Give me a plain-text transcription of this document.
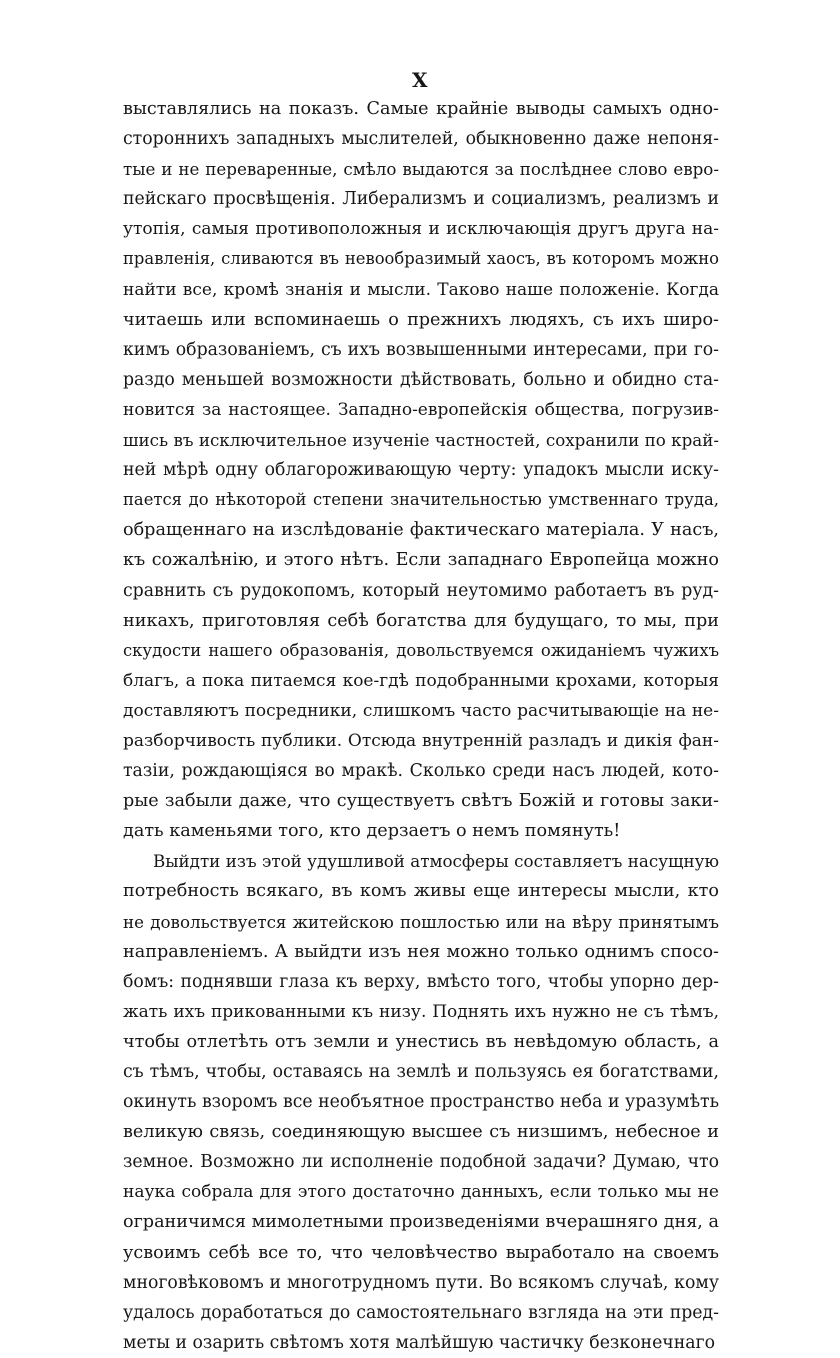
X
выставлялись на показъ. Самые крайніе выводы самыхъ одно-
стороннихъ западныхъ мыслителей, обыкновенно даже непоня-
тые и не переваренные, смѣло выдаются за послѣднее слово евро-
пейскаго просвѣщенія. Либерализмъ и социализмъ, реализмъ и
утопія, самыя противоположныя и исключающія другъ друга на-
правленія, сливаются въ невообразимый хаосъ, въ которомъ можно
найти все, кромѣ знанія и мысли. Таково наше положеніе. Когда
читаешь или вспоминаешь о прежнихъ людяхъ, съ ихъ широ-
кимъ образованіемъ, съ ихъ возвышенными интересами, при го-
раздо меньшей возможности дѣйствовать, больно и обидно ста-
новится за настоящее. Западно-европейскія общества, погрузив-
шись въ исключительное изученіе частностей, сохранили по край-
ней мѣрѣ одну облагороживающую черту: упадокъ мысли иску-
пается до нѣкоторой степени значительностью умственнаго труда,
обращеннаго на изслѣдованіе фактическаго матеріала. У насъ,
къ сожалѣнію, и этого нѣтъ. Если западнаго Европейца можно
сравнить съ рудокопомъ, который неутомимо работаетъ въ руд-
никахъ, приготовляя себѣ богатства для будущаго, то мы, при
скудости нашего образованія, довольствуемся ожиданіемъ чужихъ
благъ, а пока питаемся кое-гдѣ подобранными крохами, которыя
доставляютъ посредники, слишкомъ часто расчитывающіе на не-
разборчивость публики. Отсюда внутренній разладъ и дикія фан-
тазіи, рождающіяся во мракѣ. Сколько среди насъ людей, кото-
рые забыли даже, что существуетъ свѣтъ Божій и готовы заки-
дать каменьями того, кто дерзаетъ о немъ помянуть!
Выйдти изъ этой удушливой атмосферы составляетъ насущную
потребность всякаго, въ комъ живы еще интересы мысли, кто
не довольствуется житейскою пошлостью или на вѣру принятымъ
направленіемъ. А выйдти изъ нея можно только однимъ спосо-
бомъ: поднявши глаза къ верху, вмѣсто того, чтобы упорно дер-
жать ихъ прикованными къ низу. Поднять ихъ нужно не съ тѣмъ,
чтобы отлетѣть отъ земли и унестись въ невѣдомую область, а
съ тѣмъ, чтобы, оставаясь на землѣ и пользуясь ея богатствами,
окинуть взоромъ все необъятное пространство неба и уразумѣть
великую связь, соединяющую высшее съ низшимъ, небесное и
земное. Возможно ли исполненіе подобной задачи? Думаю, что
наука собрала для этого достаточно данныхъ, если только мы не
ограничимся мимолетными произведеніями вчерашняго дня, а
усвоимъ себѣ все то, что человѣчество выработало на своемъ
многовѣковомъ и многотрудномъ пути. Во всякомъ случаѣ, кому
удалось доработаться до самостоятельнаго взгляда на эти пред-
меты и озарить свѣтомъ хотя малѣйшую частичку безконечнаго
